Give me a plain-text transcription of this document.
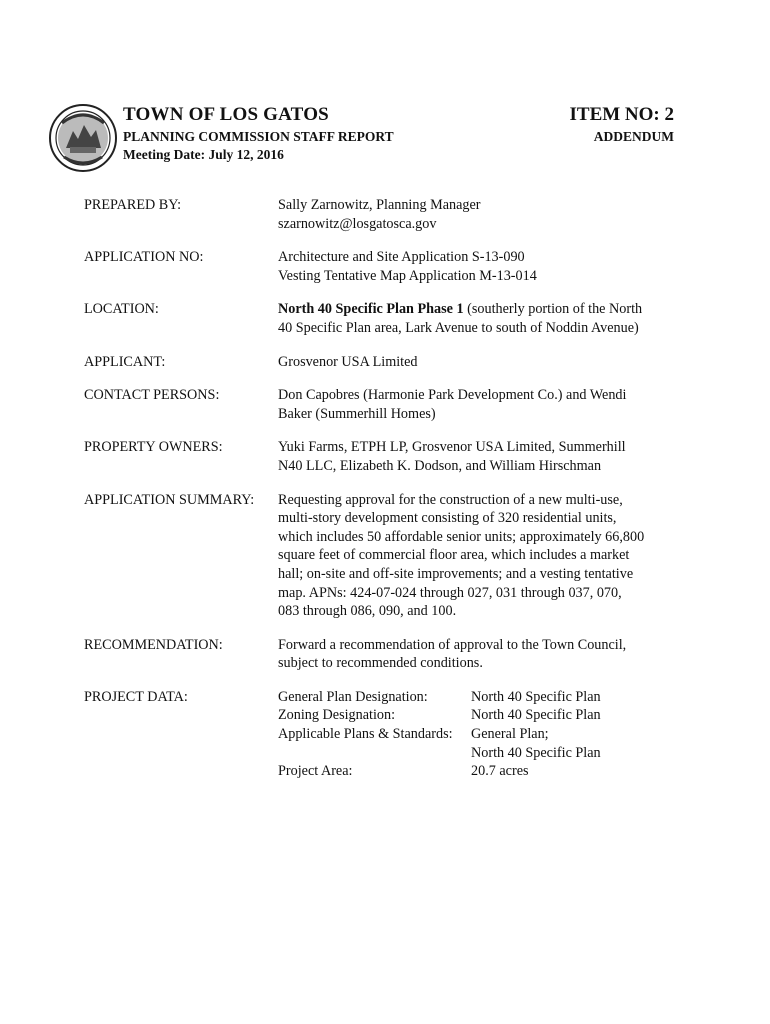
TOWN OF LOS GATOS
PLANNING COMMISSION STAFF REPORT
Meeting Date: July 12, 2016
ITEM NO: 2
ADDENDUM
PREPARED BY:	Sally Zarnowitz, Planning Manager
szarnowitz@losgatosca.gov
APPLICATION NO:	Architecture and Site Application S-13-090
Vesting Tentative Map Application M-13-014
LOCATION:	North 40 Specific Plan Phase 1 (southerly portion of the North
40 Specific Plan area, Lark Avenue to south of Noddin Avenue)
APPLICANT:	Grosvenor USA Limited
CONTACT PERSONS:	Don Capobres (Harmonie Park Development Co.) and Wendi
Baker (Summerhill Homes)
PROPERTY OWNERS:	Yuki Farms, ETPH LP, Grosvenor USA Limited, Summerhill
N40 LLC, Elizabeth K. Dodson, and William Hirschman
APPLICATION SUMMARY:	Requesting approval for the construction of a new multi-use,
multi-story development consisting of 320 residential units,
which includes 50 affordable senior units; approximately 66,800
square feet of commercial floor area, which includes a market
hall; on-site and off-site improvements; and a vesting tentative
map. APNs: 424-07-024 through 027, 031 through 037, 070,
083 through 086, 090, and 100.
RECOMMENDATION:	Forward a recommendation of approval to the Town Council,
subject to recommended conditions.
PROJECT DATA:	General Plan Designation:	North 40 Specific Plan
Zoning Designation:	North 40 Specific Plan
Applicable Plans & Standards:	General Plan;
North 40 Specific Plan
Project Area:	20.7 acres
